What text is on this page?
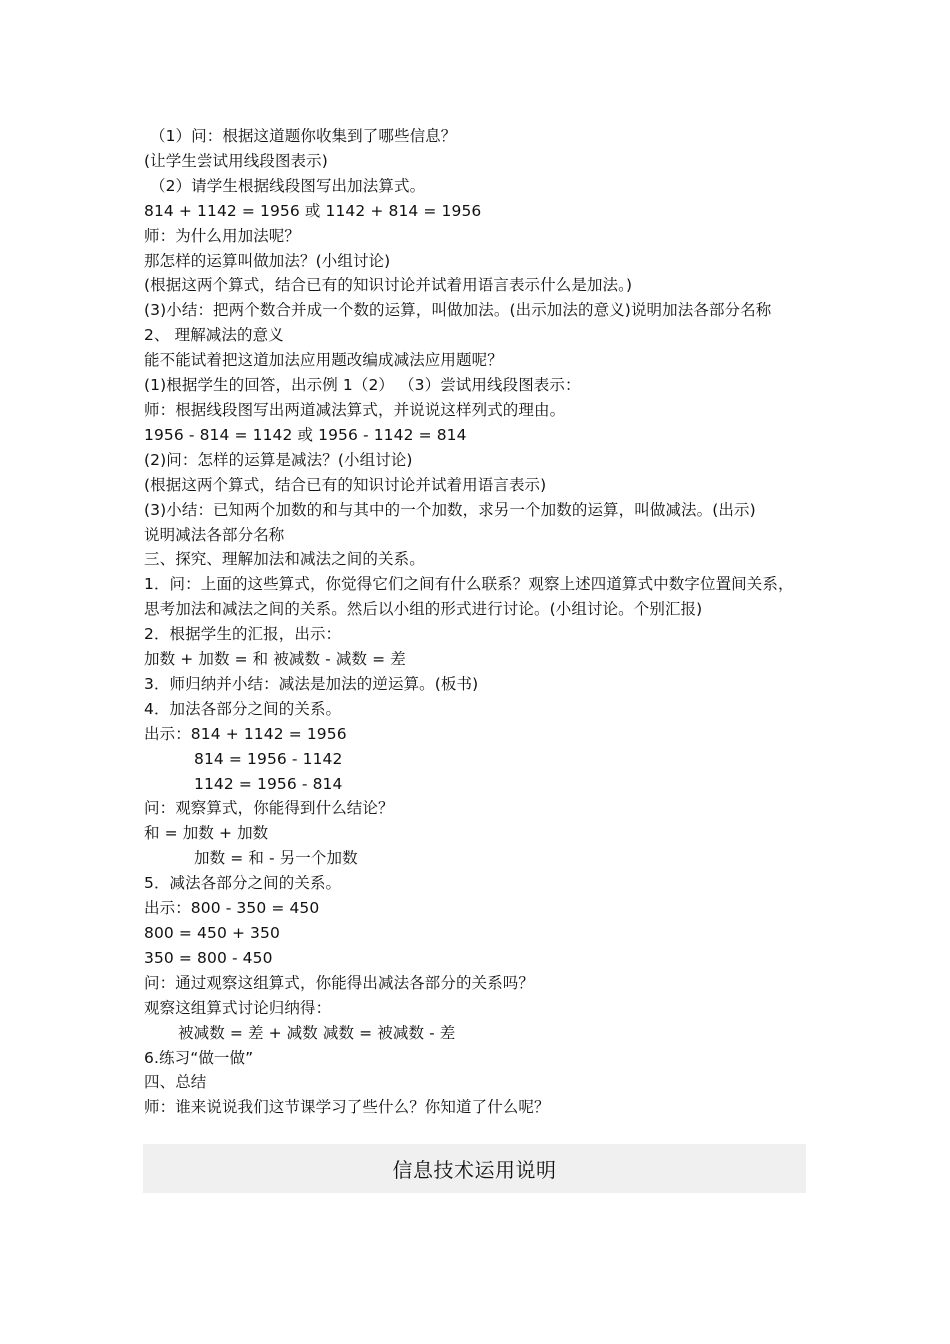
（1）问：根据这道题你收集到了哪些信息？
(让学生尝试用线段图表示)
（2）请学生根据线段图写出加法算式。
814 + 1142 = 1956 或 1142 + 814 = 1956
师：为什么用加法呢？
那怎样的运算叫做加法？(小组讨论)
(根据这两个算式，结合已有的知识讨论并试着用语言表示什么是加法。)
(3)小结：把两个数合并成一个数的运算，叫做加法。(出示加法的意义)说明加法各部分名称
2、 理解减法的意义
能不能试着把这道加法应用题改编成减法应用题呢？
(1)根据学生的回答，出示例 1（2） （3）尝试用线段图表示：
师：根据线段图写出两道减法算式，并说说这样列式的理由。
1956 - 814 = 1142 或 1956 - 1142 = 814
(2)问：怎样的运算是减法？(小组讨论)
(根据这两个算式，结合已有的知识讨论并试着用语言表示)
(3)小结：已知两个加数的和与其中的一个加数，求另一个加数的运算，叫做减法。(出示)
说明减法各部分名称
三、探究、理解加法和减法之间的关系。
1．问：上面的这些算式，你觉得它们之间有什么联系？观察上述四道算式中数字位置间关系，
思考加法和减法之间的关系。然后以小组的形式进行讨论。(小组讨论。个别汇报)
2．根据学生的汇报，出示：
加数 + 加数 = 和 被减数 - 减数 = 差
3．师归纳并小结：减法是加法的逆运算。(板书)
4．加法各部分之间的关系。
出示：814 + 1142 = 1956
814 = 1956 - 1142
1142 = 1956 - 814
问：观察算式，你能得到什么结论？
和 = 加数 + 加数
加数 = 和 - 另一个加数
5．减法各部分之间的关系。
出示：800 - 350 = 450
800 = 450 + 350
350 = 800 - 450
问：通过观察这组算式，你能得出减法各部分的关系吗？
观察这组算式讨论归纳得：
被减数 = 差 + 减数 减数 = 被减数 - 差
6.练习“做一做”
四、总结
师：谁来说说我们这节课学习了些什么？你知道了什么呢？
信息技术运用说明
